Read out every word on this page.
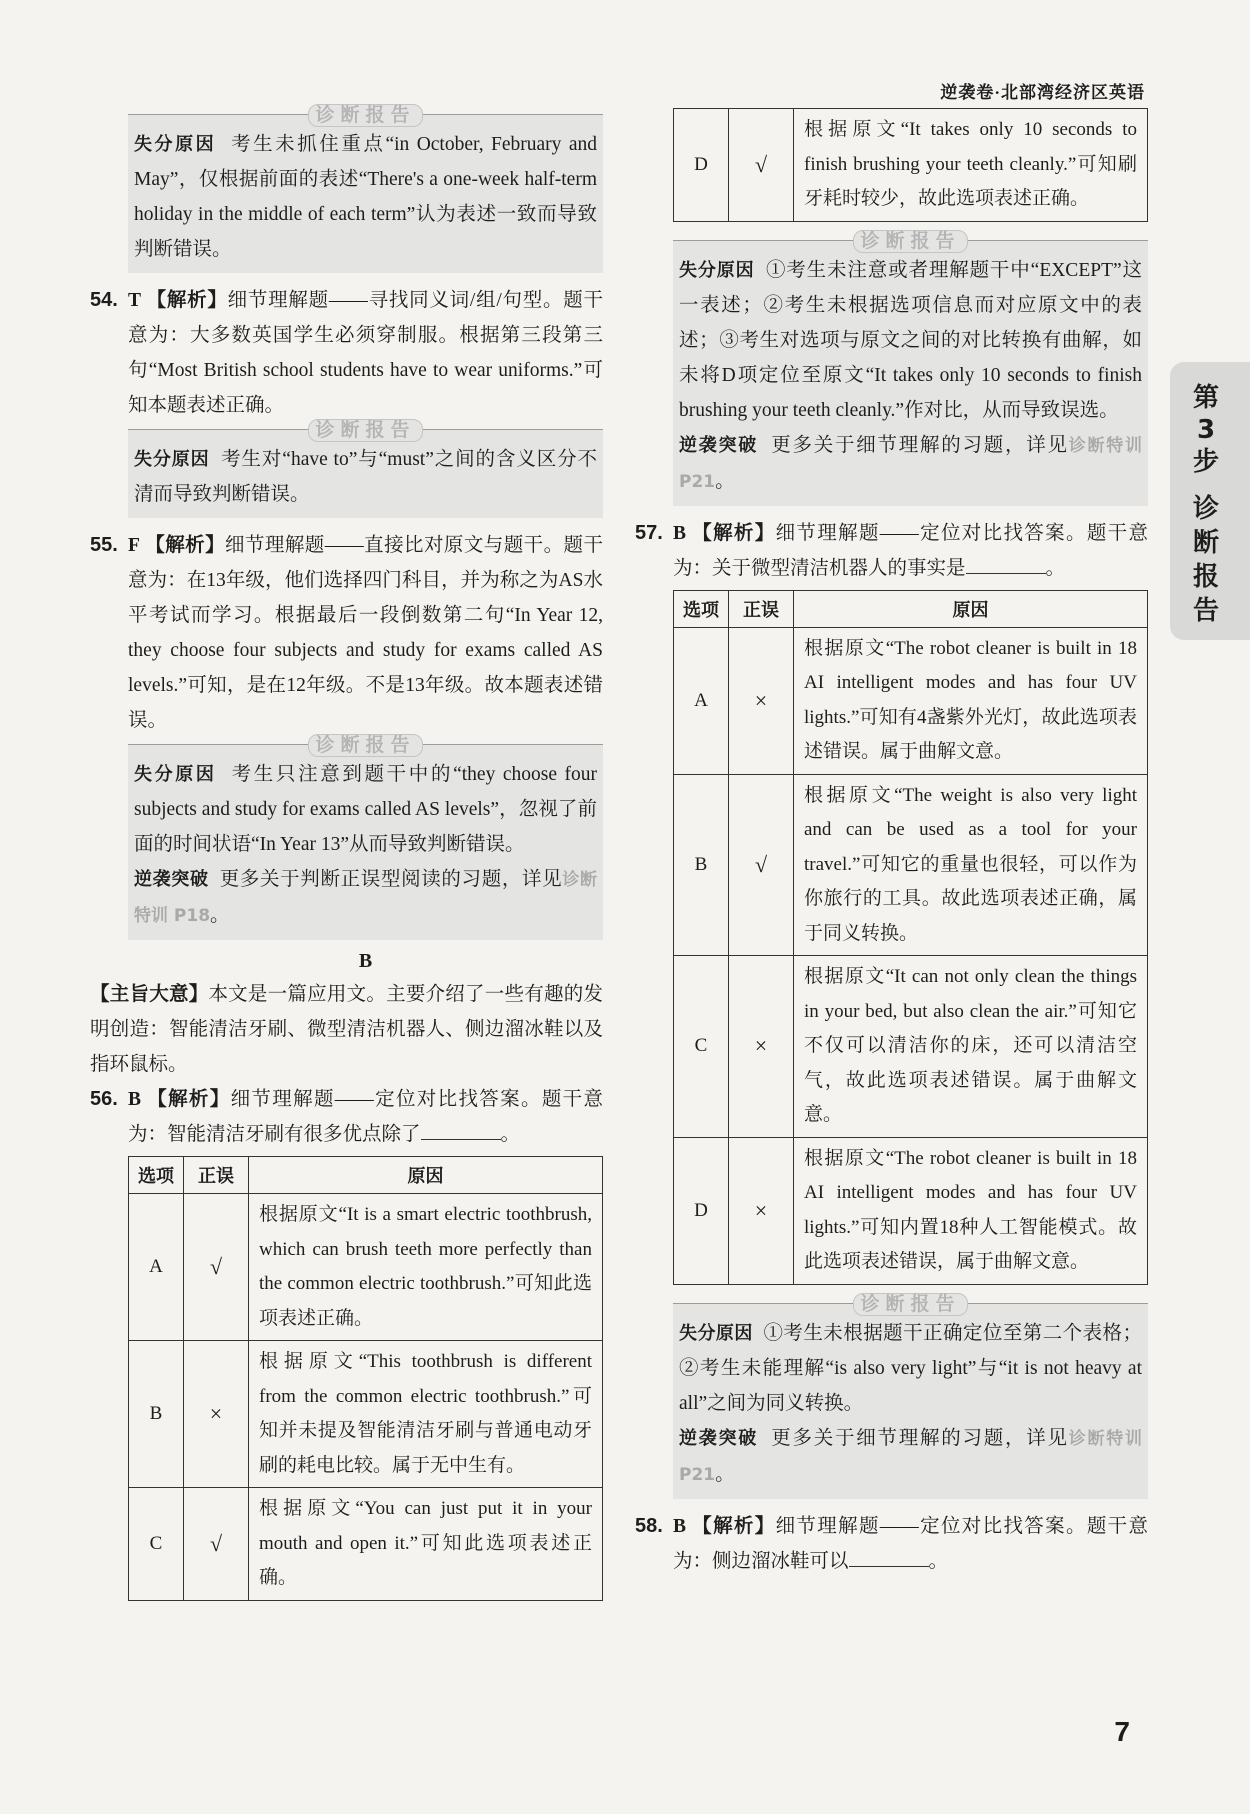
逆袭卷·北部湾经济区英语
诊断报告

失分原因 考生未抓住重点“in October, February and May”，仅根据前面的表述“There's a one-week half-term holiday in the middle of each term”认为表述一致而导致判断错误。

54. T 【解析】细节理解题——寻找同义词/组/句型。题干意为：大多数英国学生必须穿制服。根据第三段第三句“Most British school students have to wear uniforms.”可知本题表述正确。

诊断报告

失分原因 考生对“have to”与“must”之间的含义区分不清而导致判断错误。

55. F 【解析】细节理解题——直接比对原文与题干。题干意为：在13年级，他们选择四门科目，并为称之为AS水平考试而学习。根据最后一段倒数第二句“In Year 12, they choose four subjects and study for exams called AS levels.”可知，是在12年级。不是13年级。故本题表述错误。

诊断报告

失分原因 考生只注意到题干中的“they choose four subjects and study for exams called AS levels”，忽视了前面的时间状语“In Year 13”从而导致判断错误。

逆袭突破 更多关于判断正误型阅读的习题，详见诊断特训 P18。

B

【主旨大意】本文是一篇应用文。主要介绍了一些有趣的发明创造：智能清洁牙刷、微型清洁机器人、侧边溜冰鞋以及指环鼠标。

56. B 【解析】细节理解题——定位对比找答案。题干意为：智能清洁牙刷有很多优点除了	。

选项	正误	原因
A	√	根据原文“It is a smart electric toothbrush, which can brush teeth more perfectly than the common electric toothbrush.”可知此选项表述正确。
B	×	根据原文“This toothbrush is different from the common electric toothbrush.”可知并未提及智能清洁牙刷与普通电动牙刷的耗电比较。属于无中生有。
C	√	根据原文“You can just put it in your mouth and open it.”可知此选项表述正确。
D	√	根据原文“It takes only 10 seconds to finish brushing your teeth cleanly.”可知刷牙耗时较少，故此选项表述正确。
诊断报告

失分原因 ①考生未注意或者理解题干中“EXCEPT”这一表述；②考生未根据选项信息而对应原文中的表述；③考生对选项与原文之间的对比转换有曲解，如未将D项定位至原文“It takes only 10 seconds to finish brushing your teeth cleanly.”作对比，从而导致误选。

逆袭突破 更多关于细节理解的习题，详见诊断特训 P21。

57. B 【解析】细节理解题——定位对比找答案。题干意为：关于微型清洁机器人的事实是	。

选项	正误	原因
A	×	根据原文“The robot cleaner is built in 18 AI intelligent modes and has four UV lights.”可知有4盏紫外光灯，故此选项表述错误。属于曲解文意。
B	√	根据原文“The weight is also very light and can be used as a tool for your travel.”可知它的重量也很轻，可以作为你旅行的工具。故此选项表述正确，属于同义转换。
C	×	根据原文“It can not only clean the things in your bed, but also clean the air.”可知它不仅可以清洁你的床，还可以清洁空气，故此选项表述错误。属于曲解文意。
D	×	根据原文“The robot cleaner is built in 18 AI intelligent modes and has four UV lights.”可知内置18种人工智能模式。故此选项表述错误，属于曲解文意。
诊断报告

失分原因 ①考生未根据题干正确定位至第二个表格；②考生未能理解“is also very light”与“it is not heavy at all”之间为同义转换。

逆袭突破 更多关于细节理解的习题，详见诊断特训 P21。

58. B 【解析】细节理解题——定位对比找答案。题干意为：侧边溜冰鞋可以	。

第3步
诊断报告
7
